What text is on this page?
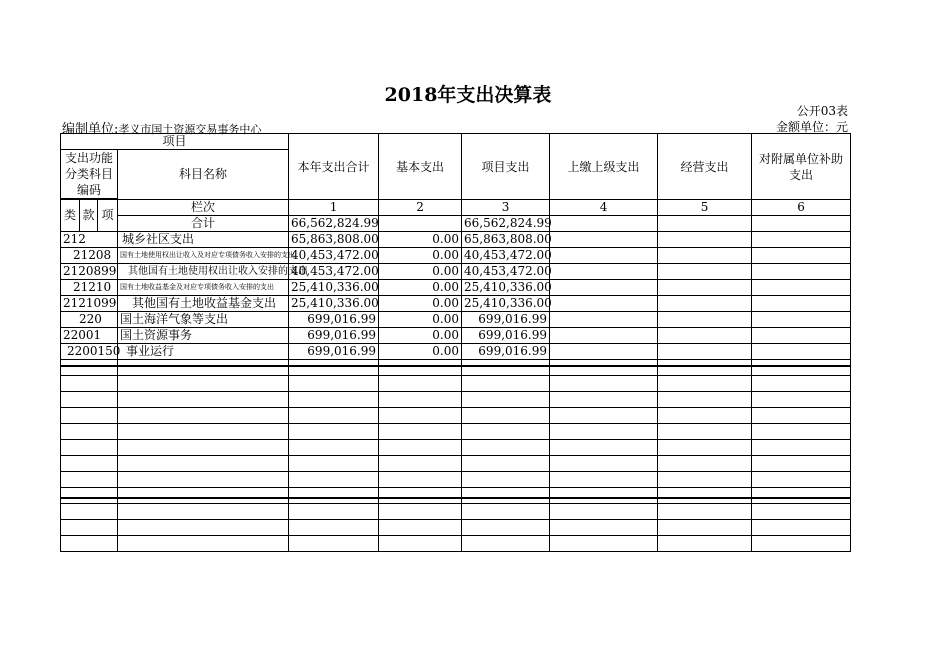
2018年支出决算表
公开03表
编制单位:孝义市国土资源交易事务中心	金额单位：元
项目				本年支出合计	基本支出	项目支出	上缴上级支出	经营支出	对附属单位补助支出
支出功能分类科目编码			科目名称						

类	款	项	栏次	1	2	3	4	5	6
			合计	66,562,824.99		66,562,824.99			
212			城乡社区支出	65,863,808.00	0.00	65,863,808.00			
21208			国有土地使用权出让收入及对应专项债务收入安排的支出	40,453,472.00	0.00	40,453,472.00			
2120899			其他国有土地使用权出让收入安排的支出	40,453,472.00	0.00	40,453,472.00			
21210			国有土地收益基金及对应专项债务收入安排的支出	25,410,336.00	0.00	25,410,336.00			
2121099			其他国有土地收益基金支出	25,410,336.00	0.00	25,410,336.00			
220			国土海洋气象等支出	699,016.99	0.00	699,016.99			
22001			国土资源事务	699,016.99	0.00	699,016.99			
2200150			事业运行	699,016.99	0.00	699,016.99			
